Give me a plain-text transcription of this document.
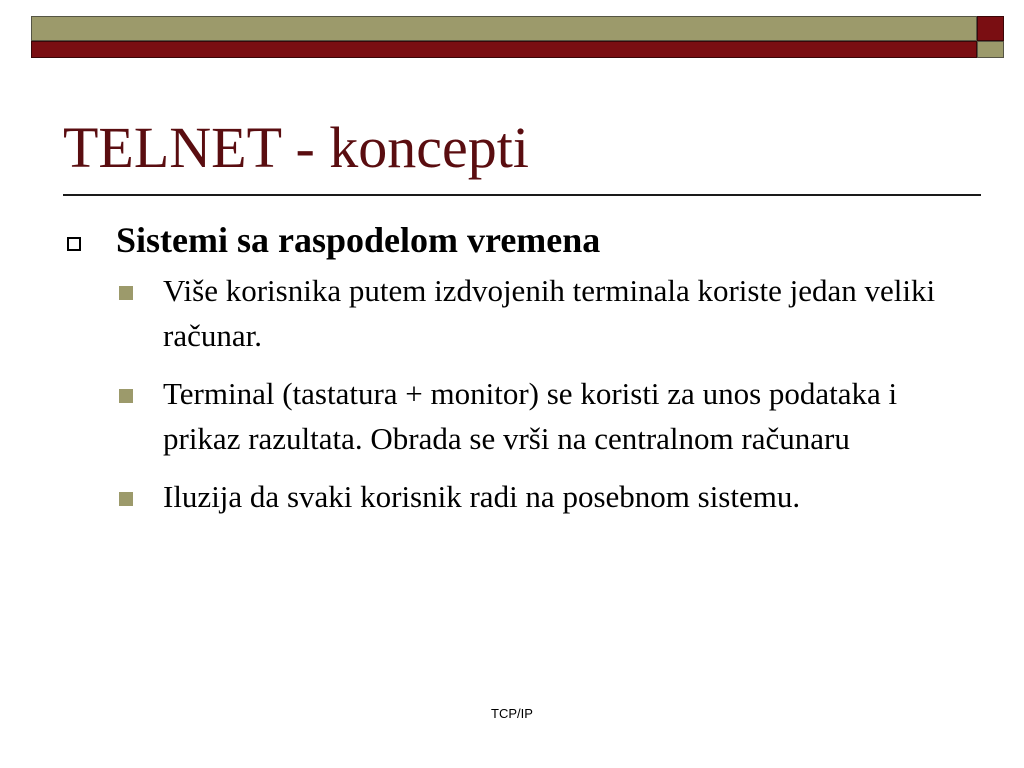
TELNET - koncepti
Sistemi sa raspodelom vremena
Više korisnika putem izdvojenih terminala koriste jedan veliki računar.
Terminal (tastatura + monitor) se koristi za unos podataka i prikaz razultata. Obrada se vrši na centralnom računaru
Iluzija da svaki korisnik radi na posebnom sistemu.
TCP/IP
